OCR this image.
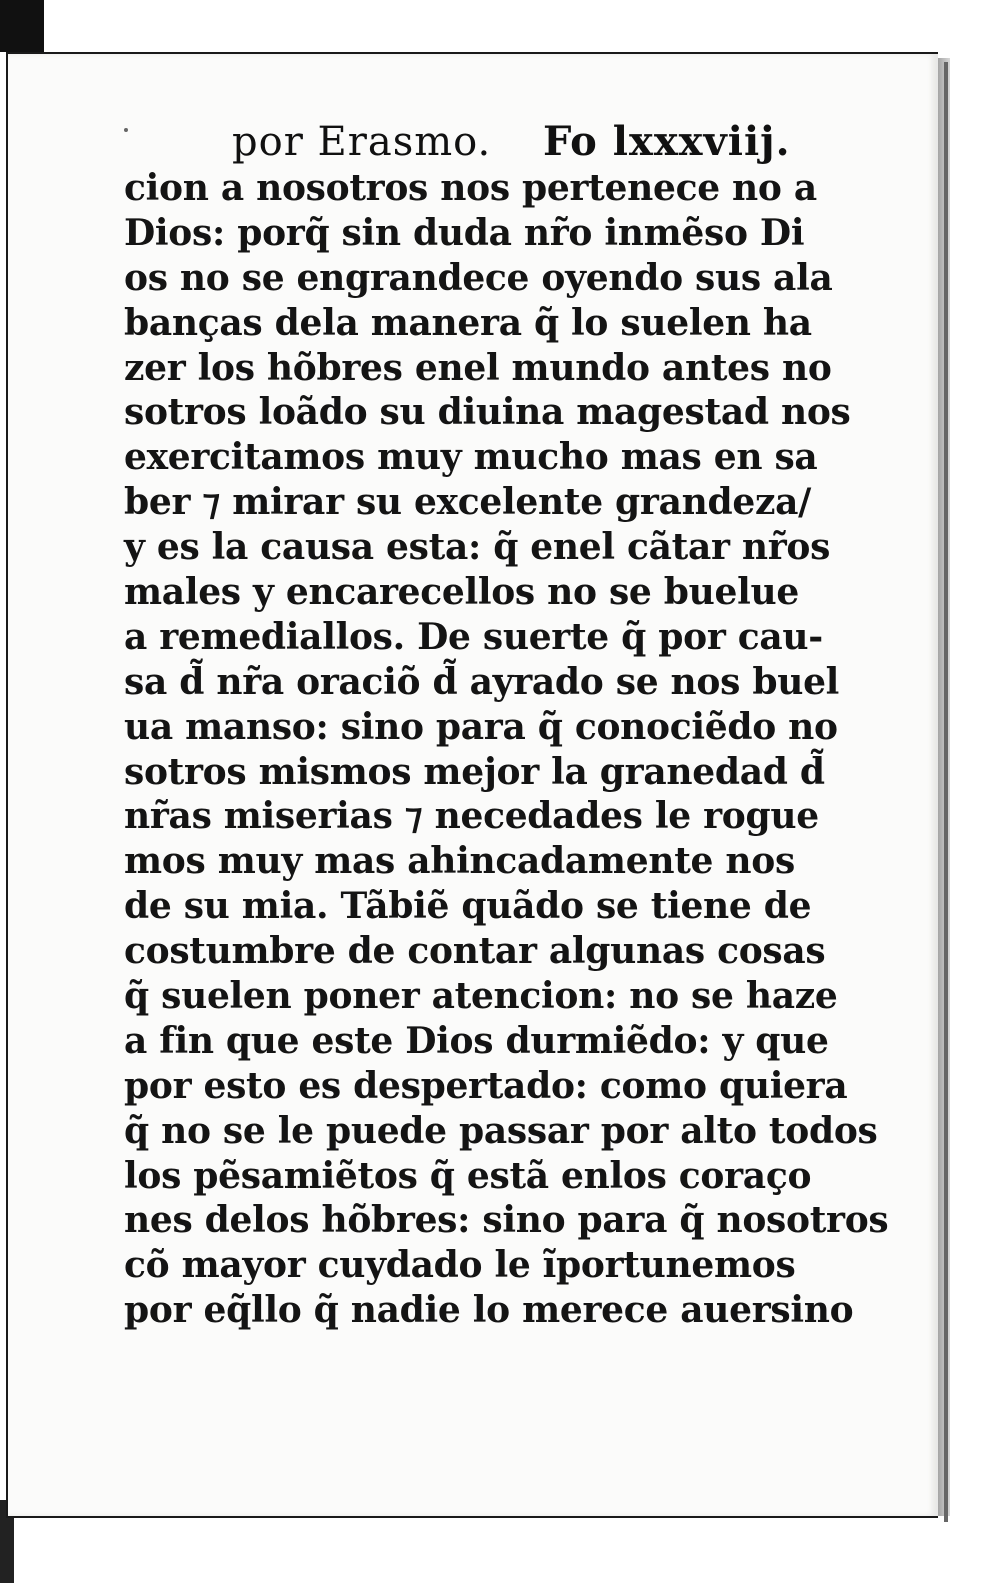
por Erasmo. Fo lxxxviij.
cion a nosotros nos pertenece no a
Dios: porq̃ sin duda nr̃o inmẽso Di
os no se engrandece oyendo sus ala
banças dela manera q̃ lo suelen ha
zer los hõbres enel mundo antes no
sotros loãdo su diuina magestad nos
exercitamos muy mucho mas en sa
ber ⁊ mirar su excelente grandeza/
y es la causa esta: q̃ enel cãtar nr̃os
males y encarecellos no se buelue
a remediallos. De suerte q̃ por cau-
sa d̃ nr̃a oraciõ d̃ ayrado se nos buel
ua manso: sino para q̃ conociẽdo no
sotros mismos mejor la granedad d̃
nr̃as miserias ⁊ necedades le rogue
mos muy mas ahincadamente nos
de su mia. Tãbiẽ quãdo se tiene de
costumbre de contar algunas cosas
q̃ suelen poner atencion: no se haze
a fin que este Dios durmiẽdo: y que
por esto es despertado: como quiera
q̃ no se le puede passar por alto todos
los pẽsamiẽtos q̃ estã enlos coraço
nes delos hõbres: sino para q̃ nosotros
cõ mayor cuydado le ĩportunemos
por eq̃llo q̃ nadie lo merece auersino
